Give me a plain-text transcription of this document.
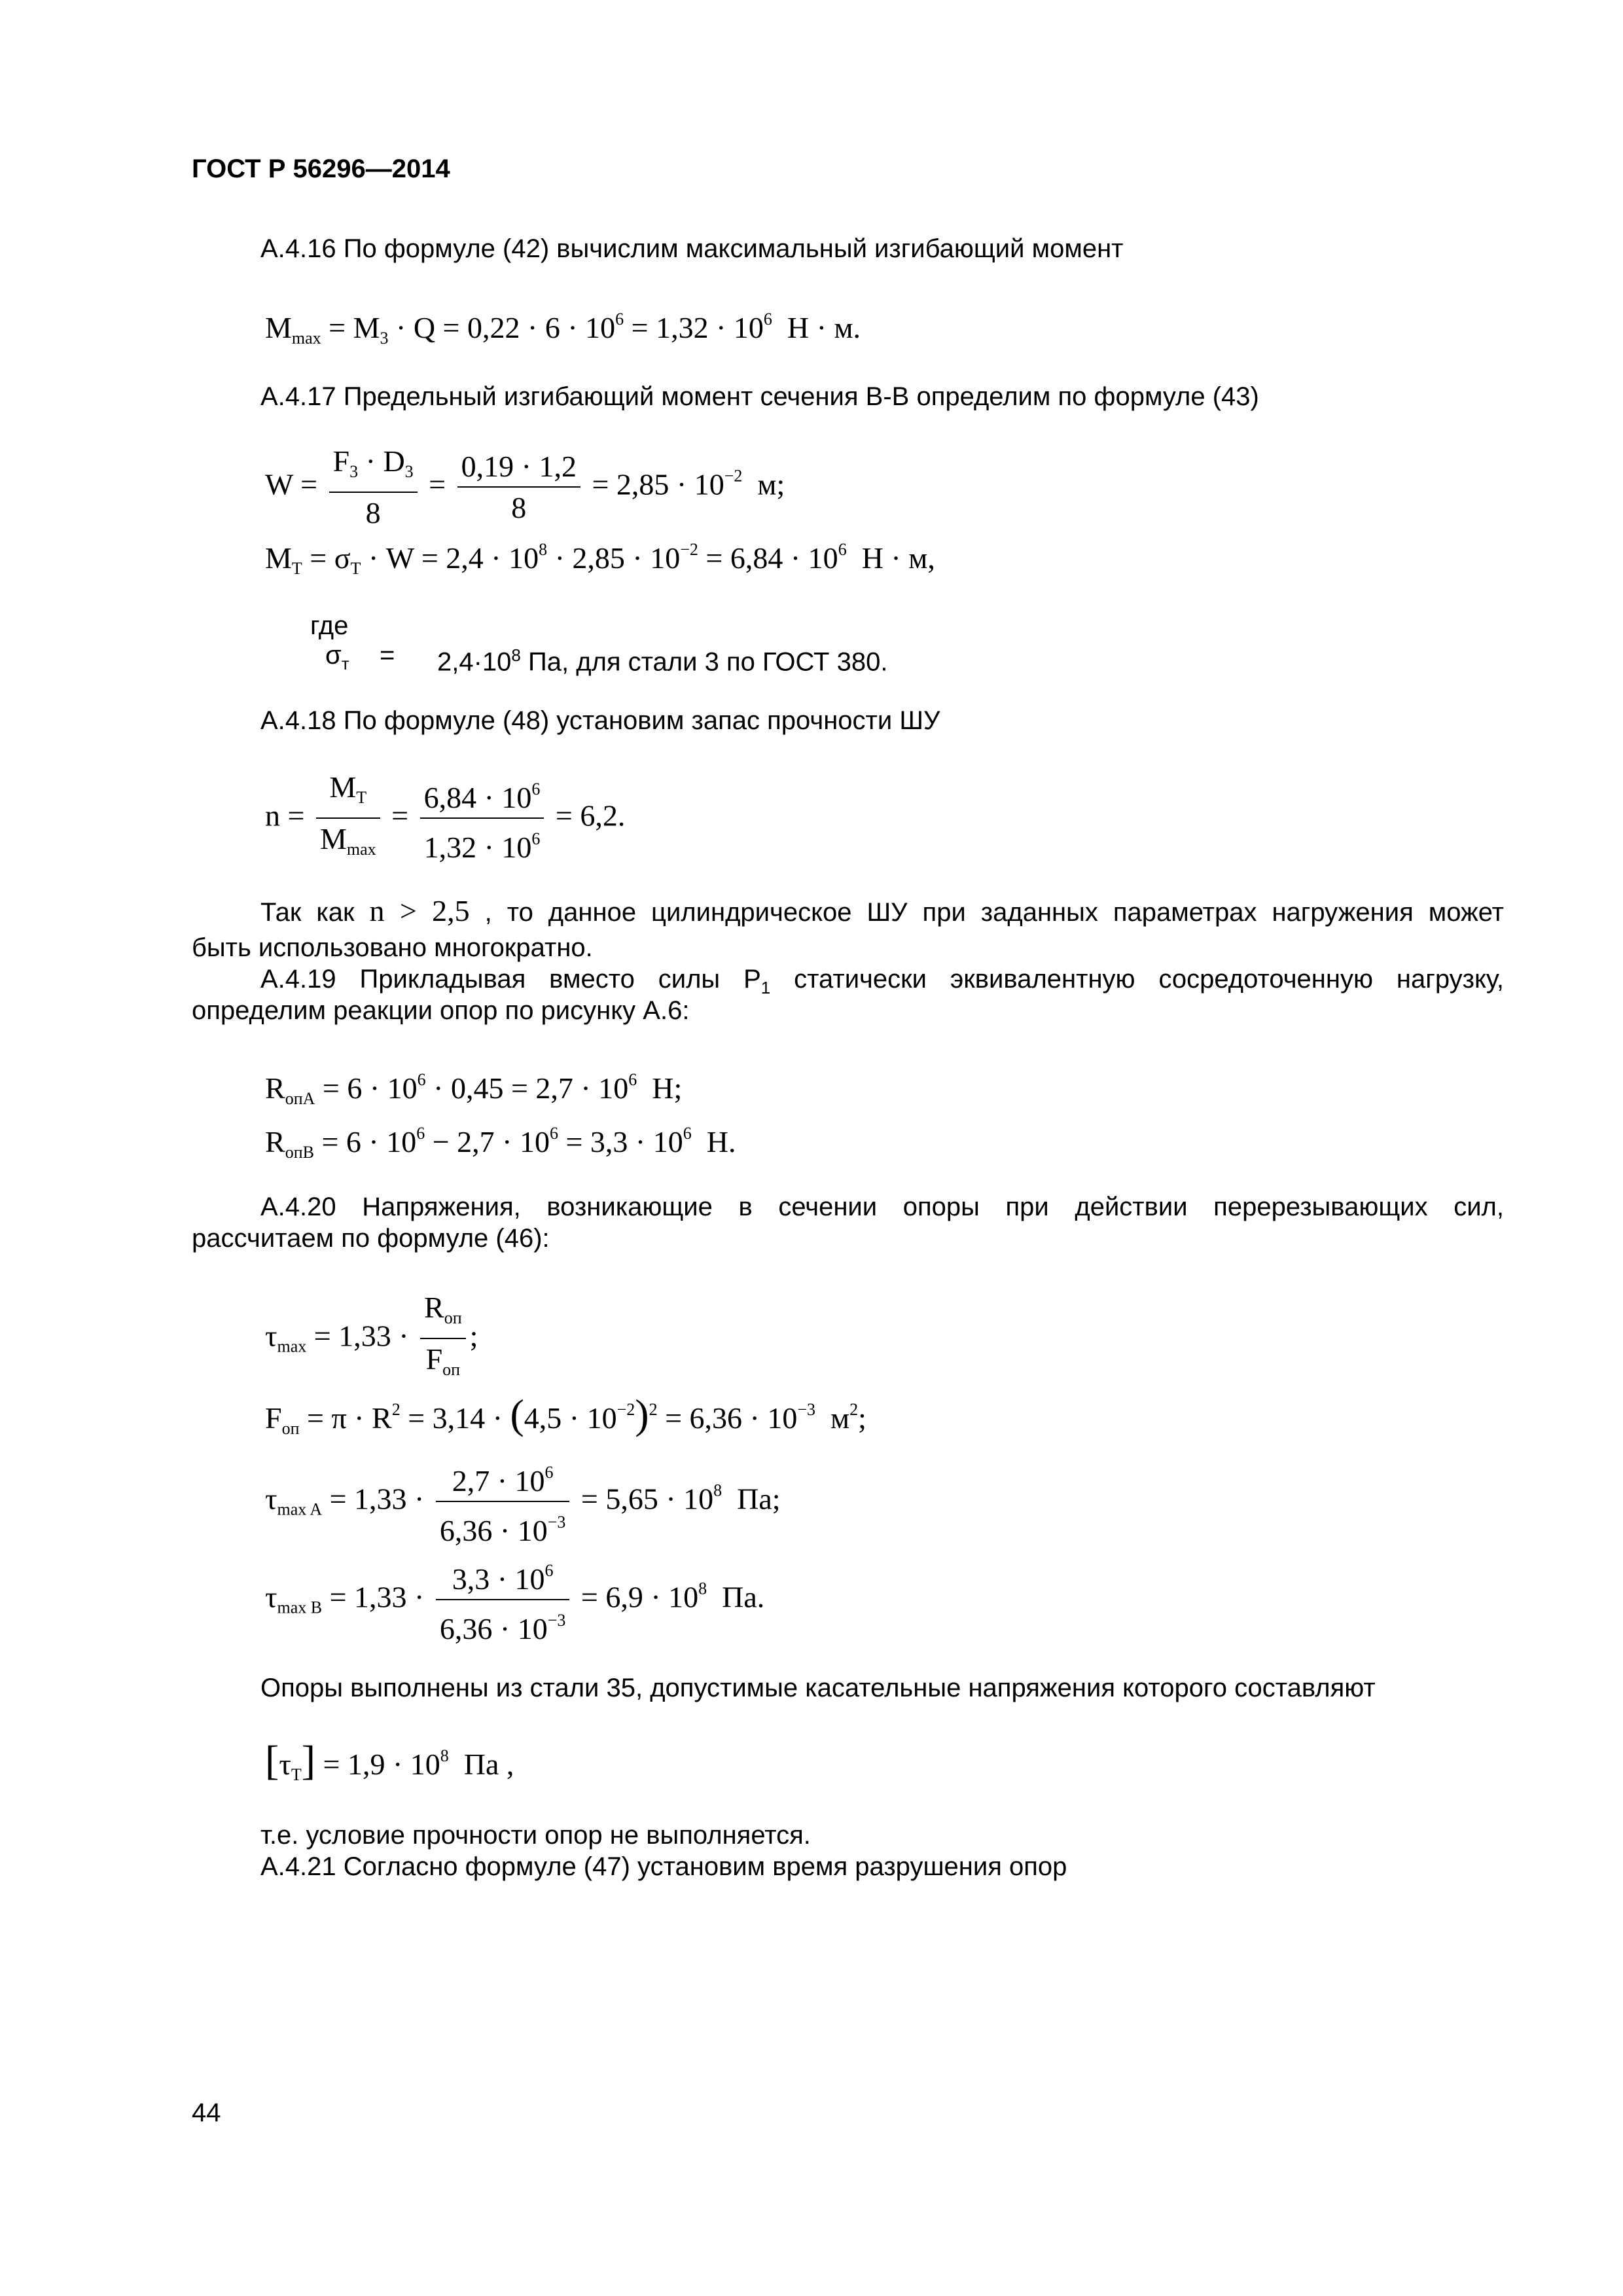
ГОСТ Р 56296—2014
А.4.16 По формуле (42) вычислим максимальный изгибающий момент
$M_{max} = M_3 \cdot Q = 0,22 \cdot 6 \cdot 10^6 = 1,32 \cdot 10^6$  Н · м.
А.4.17 Предельный изгибающий момент сечения В-В определим по формуле (43)
$W = \frac{F_3 \cdot D_3}{8} = \frac{0,19 \cdot 1,2}{8} = 2,85 \cdot 10^{-2}$  м;
$M_Т = \sigma_Т \cdot W = 2,4 \cdot 10^8 \cdot 2,85 \cdot 10^{-2} = 6,84 \cdot 10^6$  Н · м,
где
$\sigma_т = 2,4\cdot 10^8$ Па, для стали 3 по ГОСТ 380.
А.4.18 По формуле (48) установим запас прочности ШУ
$n = \frac{M_Т}{M_{max}} = \frac{6,84 \cdot 10^6}{1,32 \cdot 10^6} = 6,2$.
Так как n > 2,5 , то данное цилиндрическое ШУ при заданных параметрах нагружения может
быть использовано многократно.
А.4.19 Прикладывая вместо силы $P_1$ статически эквивалентную сосредоточенную нагрузку,
определим реакции опор по рисунку А.6:
$R_{опА} = 6 \cdot 10^6 \cdot 0,45 = 2,7 \cdot 10^6$  Н;
$R_{опВ} = 6 \cdot 10^6 - 2,7 \cdot 10^6 = 3,3 \cdot 10^6$  Н.
А.4.20 Напряжения, возникающие в сечении опоры при действии перерезывающих сил,
рассчитаем по формуле (46):
$\tau_{max} = 1,33 \cdot \frac{R_{оп}}{F_{оп}}$ ;
$F_{оп} = \pi \cdot R^2 = 3,14 \cdot (4,5 \cdot 10^{-2})^2 = 6,36 \cdot 10^{-3}$  $м^2$;
$\tau_{max A} = 1,33 \cdot \frac{2,7 \cdot 10^6}{6,36 \cdot 10^{-3}} = 5,65 \cdot 10^8$  Па;
$\tau_{max B} = 1,33 \cdot \frac{3,3 \cdot 10^6}{6,36 \cdot 10^{-3}} = 6,9 \cdot 10^8$  Па.
Опоры выполнены из стали 35, допустимые касательные напряжения которого составляют
$[\tau_Т] = 1,9 \cdot 10^8$  Па ,
т.е. условие прочности опор не выполняется.
А.4.21 Согласно формуле (47) установим время разрушения опор
44
